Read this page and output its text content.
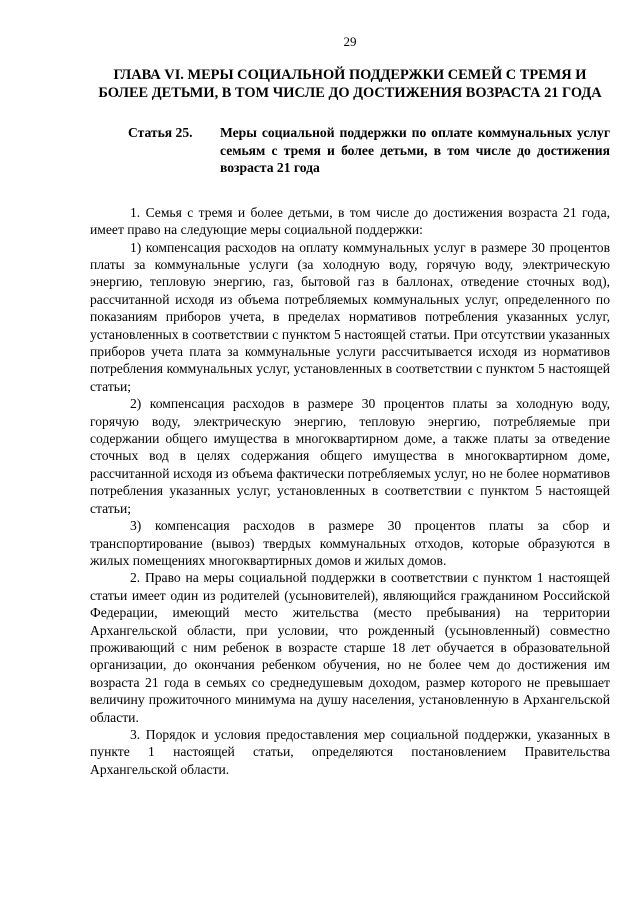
29
ГЛАВА VI. МЕРЫ СОЦИАЛЬНОЙ ПОДДЕРЖКИ СЕМЕЙ С ТРЕМЯ И БОЛЕЕ ДЕТЬМИ, В ТОМ ЧИСЛЕ ДО ДОСТИЖЕНИЯ ВОЗРАСТА 21 ГОДА
Статья 25.	Меры социальной поддержки по оплате коммунальных услуг семьям с тремя и более детьми, в том числе до достижения возраста 21 года

1. Семья с тремя и более детьми, в том числе до достижения возраста 21 года, имеет право на следующие меры социальной поддержки:

1) компенсация расходов на оплату коммунальных услуг в размере 30 процентов платы за коммунальные услуги (за холодную воду, горячую воду, электрическую энергию, тепловую энергию, газ, бытовой газ в баллонах, отведение сточных вод), рассчитанной исходя из объема потребляемых коммунальных услуг, определенного по показаниям приборов учета, в пределах нормативов потребления указанных услуг, установленных в соответствии с пунктом 5 настоящей статьи. При отсутствии указанных приборов учета плата за коммунальные услуги рассчитывается исходя из нормативов потребления коммунальных услуг, установленных в соответствии с пунктом 5 настоящей статьи;

2) компенсация расходов в размере 30 процентов платы за холодную воду, горячую воду, электрическую энергию, тепловую энергию, потребляемые при содержании общего имущества в многоквартирном доме, а также платы за отведение сточных вод в целях содержания общего имущества в многоквартирном доме, рассчитанной исходя из объема фактически потребляемых услуг, но не более нормативов потребления указанных услуг, установленных в соответствии с пунктом 5 настоящей статьи;

3) компенсация расходов в размере 30 процентов платы за сбор и транспортирование (вывоз) твердых коммунальных отходов, которые образуются в жилых помещениях многоквартирных домов и жилых домов.

2. Право на меры социальной поддержки в соответствии с пунктом 1 настоящей статьи имеет один из родителей (усыновителей), являющийся гражданином Российской Федерации, имеющий место жительства (место пребывания) на территории Архангельской области, при условии, что рожденный (усыновленный) совместно проживающий с ним ребенок в возрасте старше 18 лет обучается в образовательной организации, до окончания ребенком обучения, но не более чем до достижения им возраста 21 года в семьях со среднедушевым доходом, размер которого не превышает величину прожиточного минимума на душу населения, установленную в Архангельской области.

3. Порядок и условия предоставления мер социальной поддержки, указанных в пункте 1 настоящей статьи, определяются постановлением Правительства Архангельской области.
